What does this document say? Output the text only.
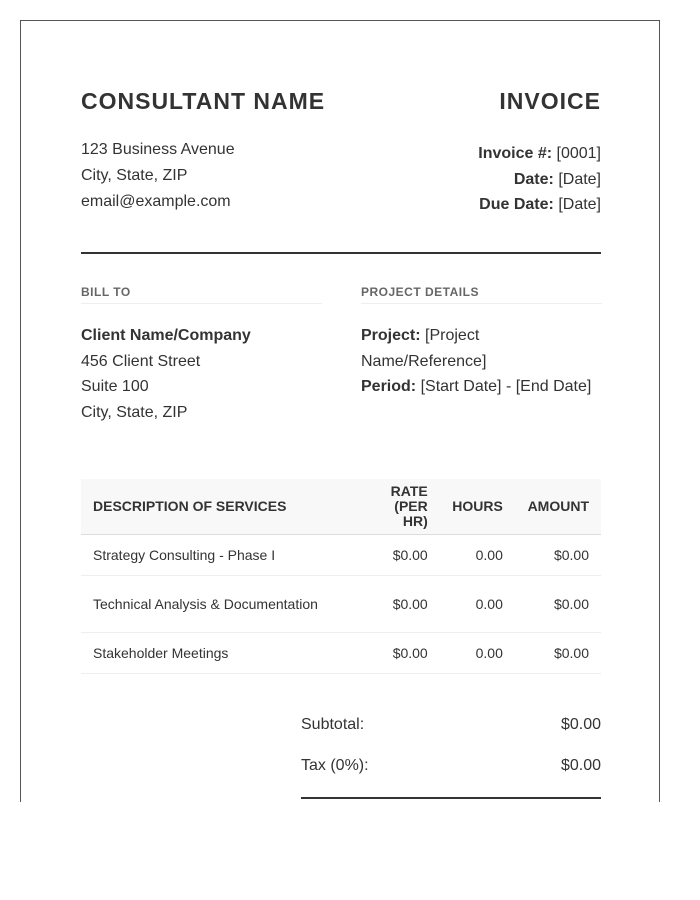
CONSULTANT NAME
123 Business Avenue
City, State, ZIP
email@example.com
INVOICE
Invoice #: [0001]
Date: [Date]
Due Date: [Date]
BILL TO
Client Name/Company
456 Client Street
Suite 100
City, State, ZIP
PROJECT DETAILS
Project: [Project Name/Reference]
Period: [Start Date] - [End Date]
DESCRIPTION OF SERVICES	RATE (PER HR)	HOURS	AMOUNT
Strategy Consulting - Phase I	$0.00	0.00	$0.00
Technical Analysis & Documentation	$0.00	0.00	$0.00
Stakeholder Meetings	$0.00	0.00	$0.00
Subtotal:	$0.00
Tax (0%):	$0.00
